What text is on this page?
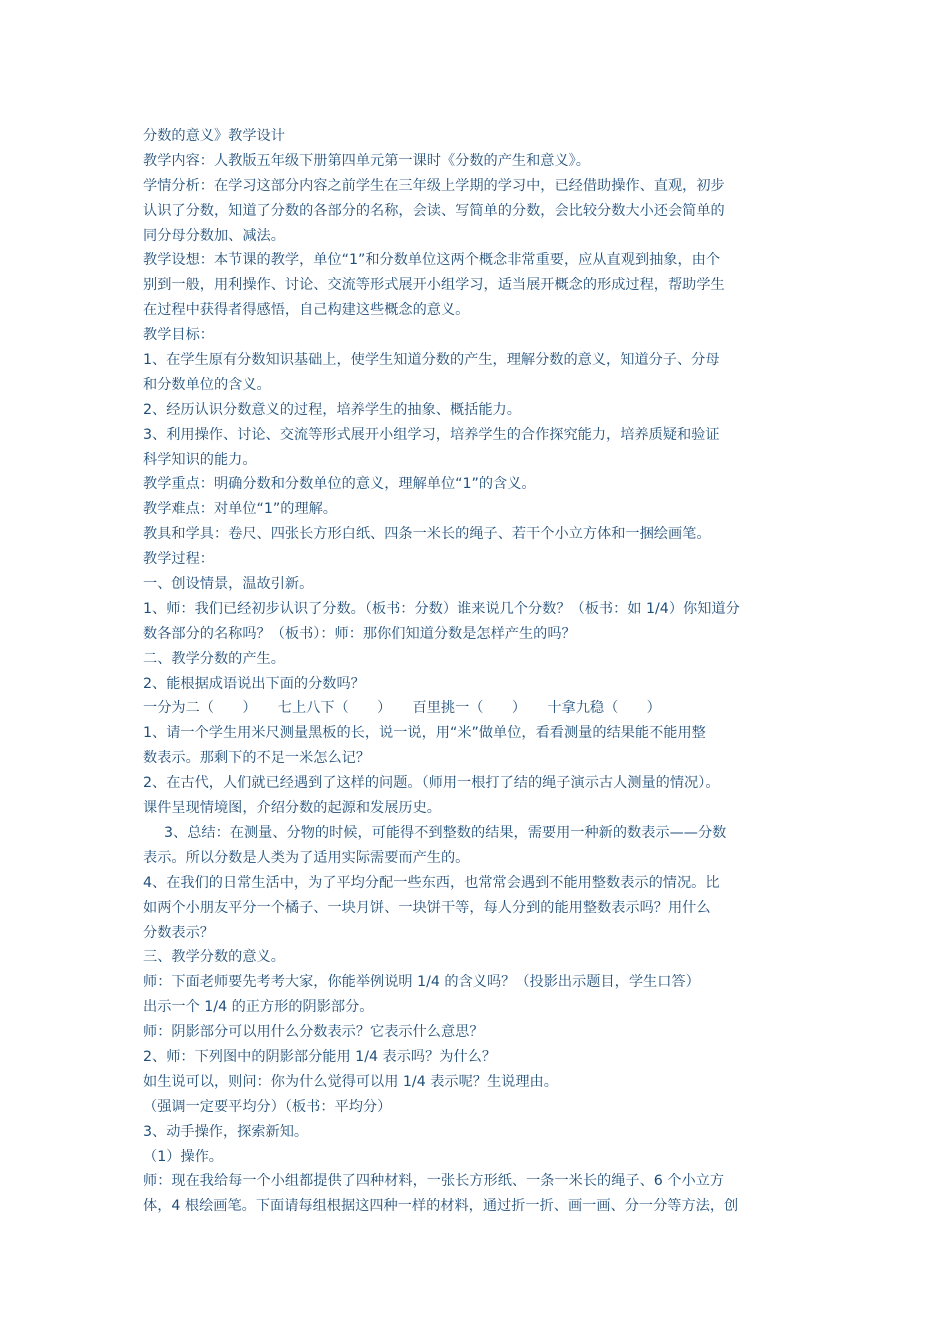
分数的意义》教学设计
教学内容：人教版五年级下册第四单元第一课时《分数的产生和意义》。
学情分析：在学习这部分内容之前学生在三年级上学期的学习中，已经借助操作、直观，初步
认识了分数，知道了分数的各部分的名称，会读、写简单的分数，会比较分数大小还会简单的
同分母分数加、减法。
教学设想：本节课的教学，单位“1”和分数单位这两个概念非常重要，应从直观到抽象，由个
别到一般，用利操作、讨论、交流等形式展开小组学习，适当展开概念的形成过程，帮助学生
在过程中获得者得感悟，自己构建这些概念的意义。
教学目标：
1、在学生原有分数知识基础上，使学生知道分数的产生，理解分数的意义，知道分子、分母
和分数单位的含义。
2、经历认识分数意义的过程，培养学生的抽象、概括能力。
3、利用操作、讨论、交流等形式展开小组学习，培养学生的合作探究能力，培养质疑和验证
科学知识的能力。
教学重点：明确分数和分数单位的意义，理解单位“1”的含义。
教学难点：对单位“1”的理解。
教具和学具：卷尺、四张长方形白纸、四条一米长的绳子、若干个小立方体和一捆绘画笔。
教学过程：
一、创设情景，温故引新。
1、师：我们已经初步认识了分数。（板书：分数）谁来说几个分数？（板书：如 1/4）你知道分
数各部分的名称吗？（板书）：师：那你们知道分数是怎样产生的吗？
二、教学分数的产生。
2、能根据成语说出下面的分数吗？
一分为二（　　）　　七上八下（　　）　　百里挑一（　　）　　十拿九稳（　　）
1、请一个学生用米尺测量黑板的长，说一说，用“米”做单位，看看测量的结果能不能用整
数表示。那剩下的不足一米怎么记？
2、在古代，人们就已经遇到了这样的问题。（师用一根打了结的绳子演示古人测量的情况）。
课件呈现情境图，介绍分数的起源和发展历史。
3、总结：在测量、分物的时候，可能得不到整数的结果，需要用一种新的数表示——分数
表示。所以分数是人类为了适用实际需要而产生的。
4、在我们的日常生活中，为了平均分配一些东西，也常常会遇到不能用整数表示的情况。比
如两个小朋友平分一个橘子、一块月饼、一块饼干等，每人分到的能用整数表示吗？用什么
分数表示？
三、教学分数的意义。
师：下面老师要先考考大家，你能举例说明 1/4 的含义吗？（投影出示题目，学生口答）
出示一个 1/4 的正方形的阴影部分。
师：阴影部分可以用什么分数表示？它表示什么意思？
2、师：下列图中的阴影部分能用 1/4 表示吗？为什么？
如生说可以，则问：你为什么觉得可以用 1/4 表示呢？生说理由。
（强调一定要平均分）（板书：平均分）
3、动手操作，探索新知。
（1）操作。
师：现在我给每一个小组都提供了四种材料，一张长方形纸、一条一米长的绳子、6 个小立方
体，4 根绘画笔。下面请每组根据这四种一样的材料，通过折一折、画一画、分一分等方法，创
